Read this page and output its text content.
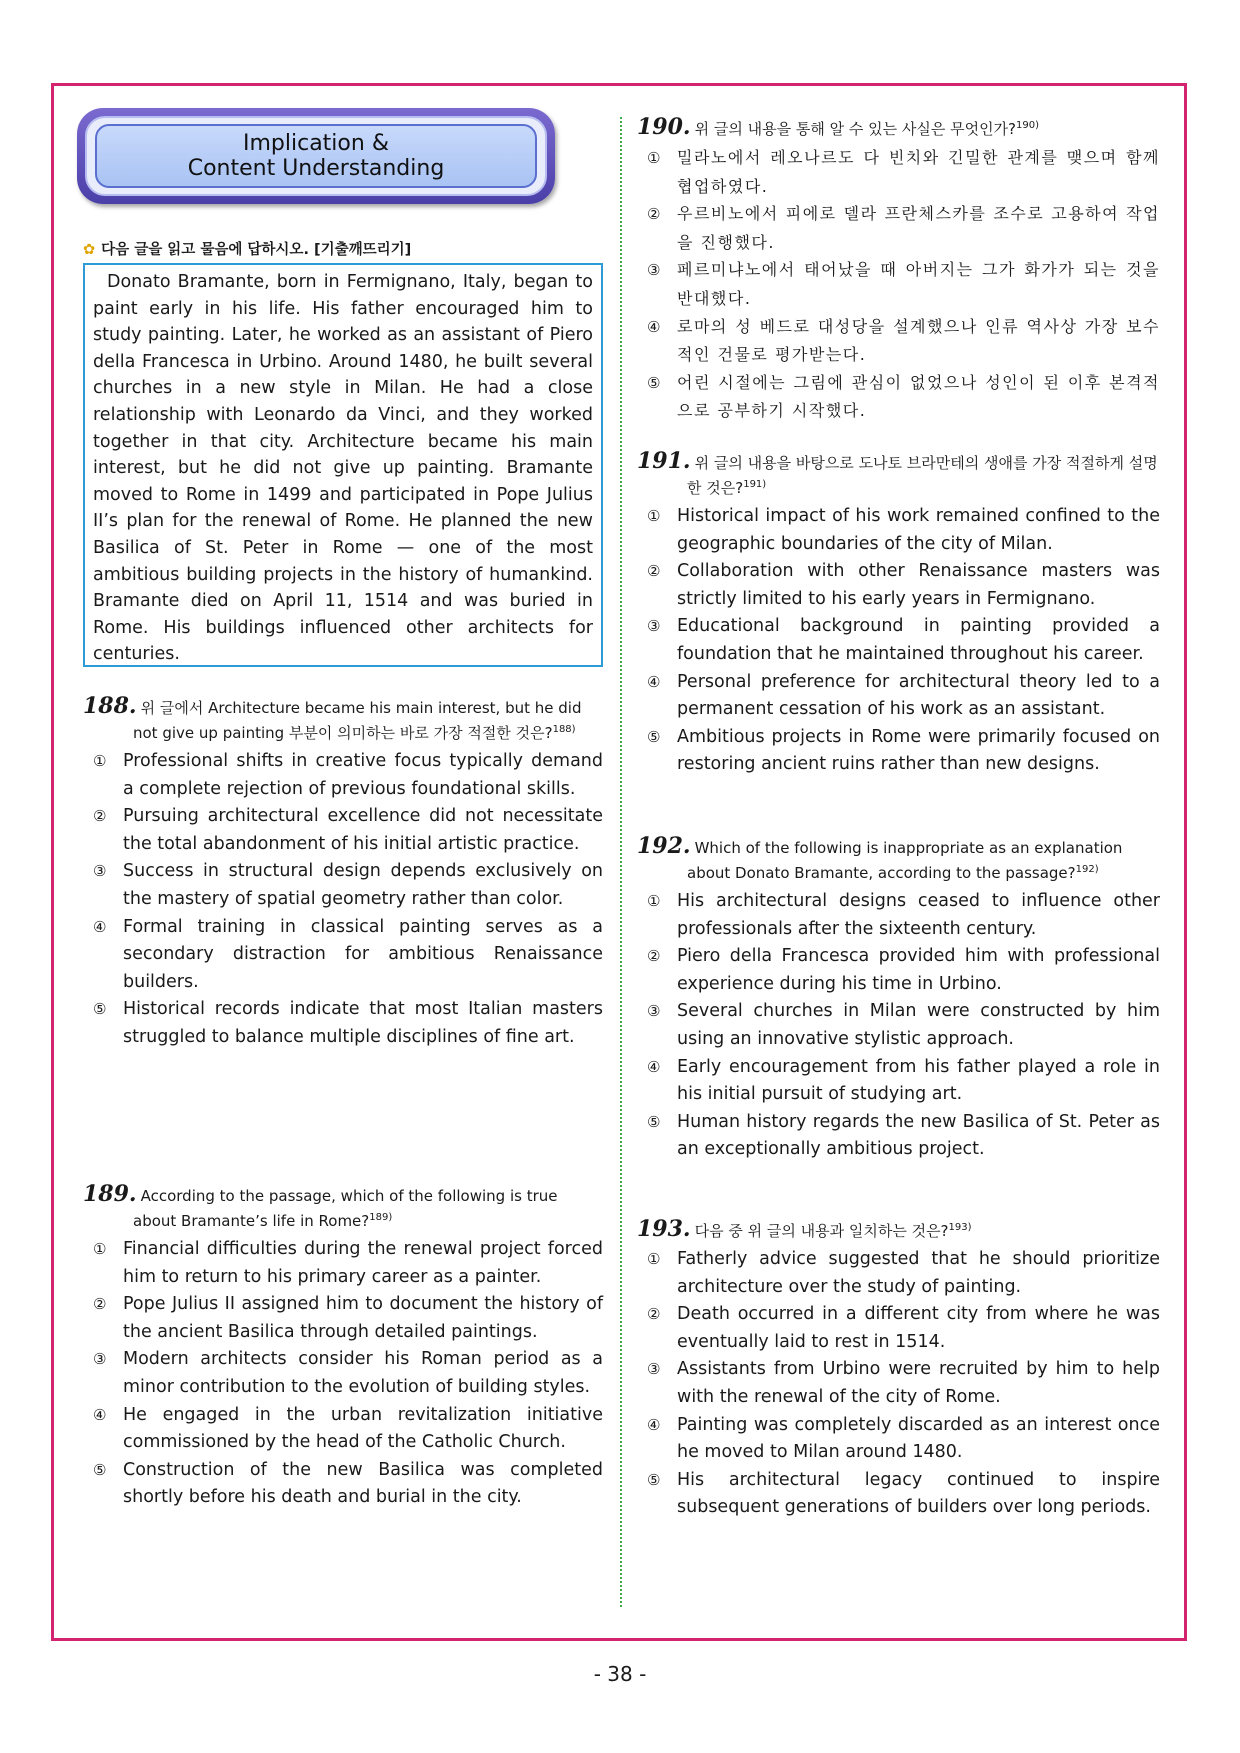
Implication &
Content Understanding
✿ 다음 글을 읽고 물음에 답하시오. [기출깨뜨리기]
Donato Bramante, born in Fermignano, Italy, began to paint early in his life. His father encouraged him to study painting. Later, he worked as an assistant of Piero della Francesca in Urbino. Around 1480, he built several churches in a new style in Milan. He had a close relationship with Leonardo da Vinci, and they worked together in that city. Architecture became his main interest, but he did not give up painting. Bramante moved to Rome in 1499 and participated in Pope Julius II’s plan for the renewal of Rome. He planned the new Basilica of St. Peter in Rome — one of the most ambitious building projects in the history of humankind. Bramante died on April 11, 1514 and was buried in Rome. His buildings influenced other architects for centuries.
188. 위 글에서 Architecture became his main interest, but he did not give up painting 부분이 의미하는 바로 가장 적절한 것은?$^{188)}$
① Professional shifts in creative focus typically demand a complete rejection of previous foundational skills.
② Pursuing architectural excellence did not necessitate the total abandonment of his initial artistic practice.
③ Success in structural design depends exclusively on the mastery of spatial geometry rather than color.
④ Formal training in classical painting serves as a secondary distraction for ambitious Renaissance builders.
⑤ Historical records indicate that most Italian masters struggled to balance multiple disciplines of fine art.
189. According to the passage, which of the following is true about Bramante’s life in Rome?$^{189)}$
① Financial difficulties during the renewal project forced him to return to his primary career as a painter.
② Pope Julius II assigned him to document the history of the ancient Basilica through detailed paintings.
③ Modern architects consider his Roman period as a minor contribution to the evolution of building styles.
④ He engaged in the urban revitalization initiative commissioned by the head of the Catholic Church.
⑤ Construction of the new Basilica was completed shortly before his death and burial in the city.
190. 위 글의 내용을 통해 알 수 있는 사실은 무엇인가?$^{190)}$
① 밀라노에서 레오나르도 다 빈치와 긴밀한 관계를 맺으며 함께 협업하였다.
② 우르비노에서 피에로 델라 프란체스카를 조수로 고용하여 작업을 진행했다.
③ 페르미냐노에서 태어났을 때 아버지는 그가 화가가 되는 것을 반대했다.
④ 로마의 성 베드로 대성당을 설계했으나 인류 역사상 가장 보수적인 건물로 평가받는다.
⑤ 어린 시절에는 그림에 관심이 없었으나 성인이 된 이후 본격적으로 공부하기 시작했다.
191. 위 글의 내용을 바탕으로 도나토 브라만테의 생애를 가장 적절하게 설명한 것은?$^{191)}$
① Historical impact of his work remained confined to the geographic boundaries of the city of Milan.
② Collaboration with other Renaissance masters was strictly limited to his early years in Fermignano.
③ Educational background in painting provided a foundation that he maintained throughout his career.
④ Personal preference for architectural theory led to a permanent cessation of his work as an assistant.
⑤ Ambitious projects in Rome were primarily focused on restoring ancient ruins rather than new designs.
192. Which of the following is inappropriate as an explanation about Donato Bramante, according to the passage?$^{192)}$
① His architectural designs ceased to influence other professionals after the sixteenth century.
② Piero della Francesca provided him with professional experience during his time in Urbino.
③ Several churches in Milan were constructed by him using an innovative stylistic approach.
④ Early encouragement from his father played a role in his initial pursuit of studying art.
⑤ Human history regards the new Basilica of St. Peter as an exceptionally ambitious project.
193. 다음 중 위 글의 내용과 일치하는 것은?$^{193)}$
① Fatherly advice suggested that he should prioritize architecture over the study of painting.
② Death occurred in a different city from where he was eventually laid to rest in 1514.
③ Assistants from Urbino were recruited by him to help with the renewal of the city of Rome.
④ Painting was completely discarded as an interest once he moved to Milan around 1480.
⑤ His architectural legacy continued to inspire subsequent generations of builders over long periods.
- 38 -
